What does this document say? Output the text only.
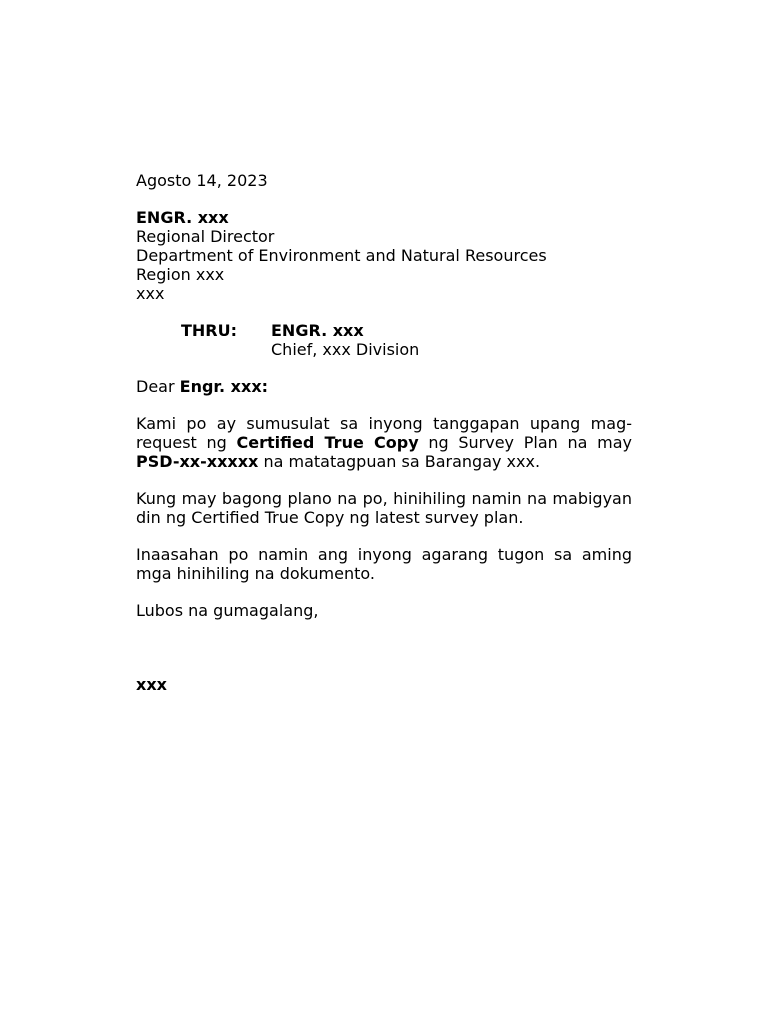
Agosto 14, 2023
ENGR. xxx
Regional Director
Department of Environment and Natural Resources
Region xxx
xxx
THRU: ENGR. xxx
Chief, xxx Division
Dear Engr. xxx:

Kami po ay sumusulat sa inyong tanggapan upang mag-request ng Certified True Copy ng Survey Plan na may PSD-xx-xxxxx na matatagpuan sa Barangay xxx.

Kung may bagong plano na po, hinihiling namin na mabigyan din ng Certified True Copy ng latest survey plan.

Inaasahan po namin ang inyong agarang tugon sa aming mga hinihiling na dokumento.

Lubos na gumagalang,
xxx
